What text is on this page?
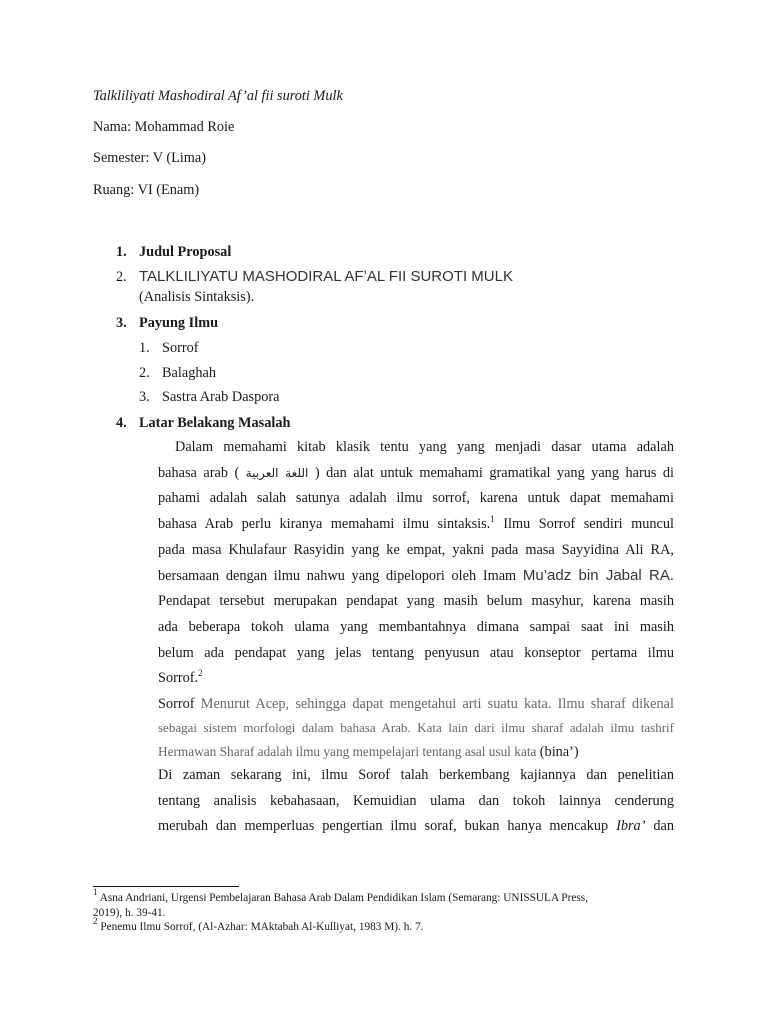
Talkliliyati Mashodiral Af’al fii suroti Mulk
Nama: Mohammad Roie
Semester: V (Lima)
Ruang: VI (Enam)
1. Judul Proposal
2. TALKLILIYATU MASHODIRAL AF’AL FII SUROTI MULK
(Analisis Sintaksis).
3. Payung Ilmu
1. Sorrof
2. Balaghah
3. Sastra Arab Daspora
4. Latar Belakang Masalah
Dalam memahami kitab klasik tentu yang yang menjadi dasar utama adalah
bahasa arab ( اللغة العربية ) dan alat untuk memahami gramatikal yang yang harus di
pahami adalah salah satunya adalah ilmu sorrof, karena untuk dapat memahami
bahasa Arab perlu kiranya memahami ilmu sintaksis.$^1$ Ilmu Sorrof sendiri muncul
pada masa Khulafaur Rasyidin yang ke empat, yakni pada masa Sayyidina Ali RA,
bersamaan dengan ilmu nahwu yang dipelopori oleh Imam Mu’adz bin Jabal RA.
Pendapat tersebut merupakan pendapat yang masih belum masyhur, karena masih
ada beberapa tokoh ulama yang membantahnya dimana sampai saat ini masih
belum ada pendapat yang jelas tentang penyusun atau konseptor pertama ilmu
Sorrof.$^2$
Sorrof Menurut Acep, sehingga dapat mengetahui arti suatu kata. Ilmu sharaf dikenal
sebagai sistem morfologi dalam bahasa Arab. Kata lain dari ilmu sharaf adalah ilmu tashrif
Hermawan Sharaf adalah ilmu yang mempelajari tentang asal usul kata (bina’)
Di zaman sekarang ini, ilmu Sorof talah berkembang kajiannya dan penelitian
tentang analisis kebahasaan, Kemuidian ulama dan tokoh lainnya cenderung
merubah dan memperluas pengertian ilmu soraf, bukan hanya mencakup Ibra’ dan
$^1$ Asna Andriani, Urgensi Pembelajaran Bahasa Arab Dalam Pendidikan Islam (Semarang: UNISSULA Press,
2019), h. 39-41.
$^2$ Penemu Ilmu Sorrof, (Al-Azhar: MAktabah Al-Kulliyat, 1983 M). h. 7.
